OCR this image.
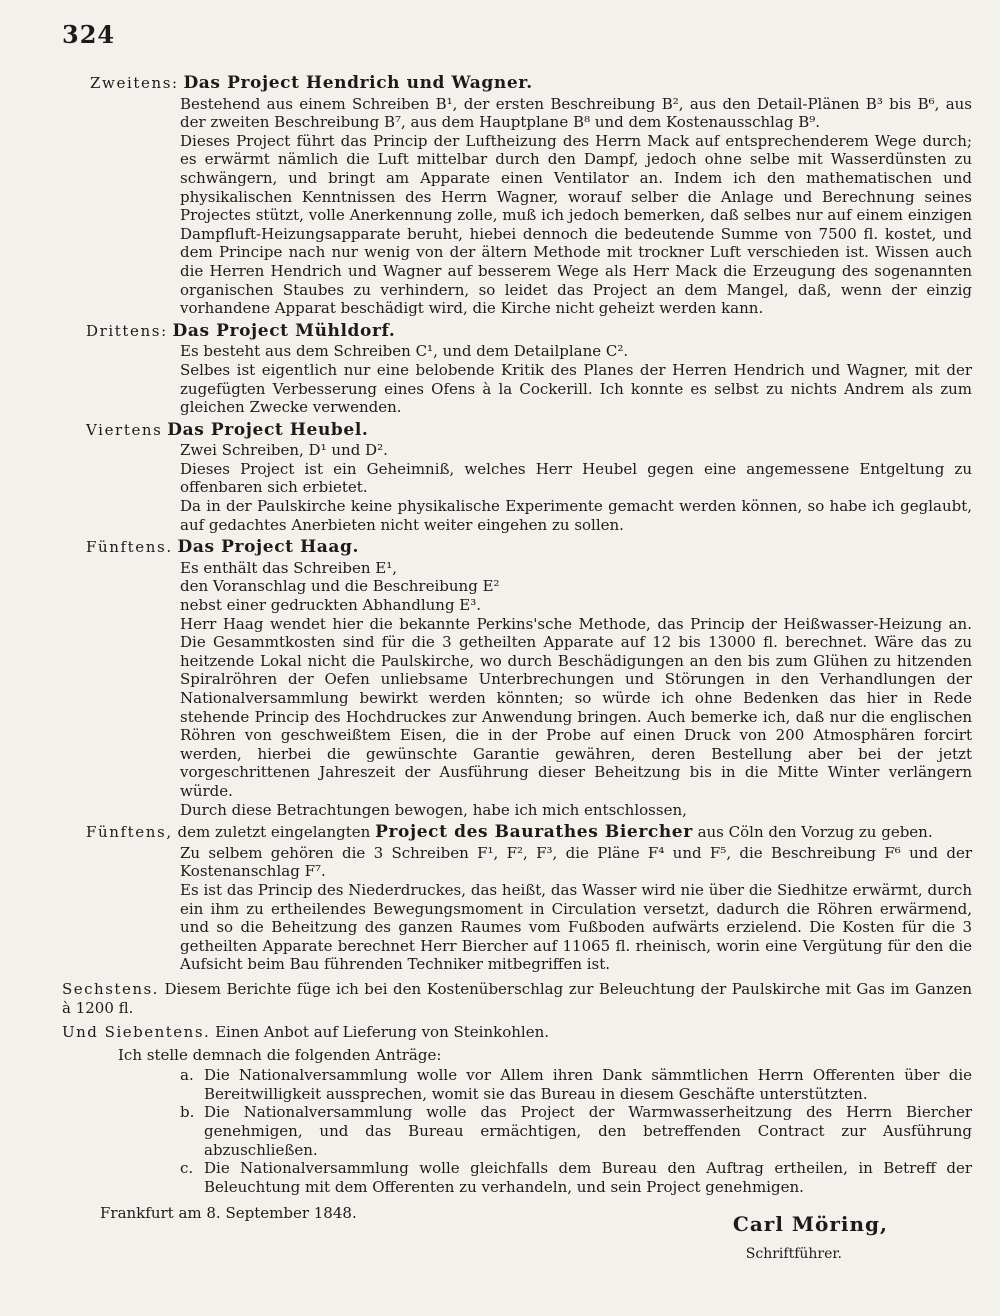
324

Zweitens: Das Project Hendrich und Wagner.

Bestehend aus einem Schreiben B¹, der ersten Beschreibung B², aus den Detail-Plänen B³ bis B⁶, aus der zweiten Beschreibung B⁷, aus dem Hauptplane B⁸ und dem Kostenausschlag B⁹.

Dieses Project führt das Princip der Luftheizung des Herrn Mack auf entsprechenderem Wege durch; es erwärmt nämlich die Luft mittelbar durch den Dampf, jedoch ohne selbe mit Wasserdünsten zu schwängern, und bringt am Apparate einen Ventilator an. Indem ich den mathematischen und physikalischen Kenntnissen des Herrn Wagner, worauf selber die Anlage und Berechnung seines Projectes stützt, volle Anerkennung zolle, muß ich jedoch bemerken, daß selbes nur auf einem einzigen Dampfluft-Heizungsapparate beruht, hiebei dennoch die bedeutende Summe von 7500 fl. kostet, und dem Principe nach nur wenig von der ältern Methode mit trockner Luft verschieden ist. Wissen auch die Herren Hendrich und Wagner auf besserem Wege als Herr Mack die Erzeugung des sogenannten organischen Staubes zu verhindern, so leidet das Project an dem Mangel, daß, wenn der einzig vorhandene Apparat beschädigt wird, die Kirche nicht geheizt werden kann.

Drittens: Das Project Mühldorf.

Es besteht aus dem Schreiben C¹, und dem Detailplane C².

Selbes ist eigentlich nur eine belobende Kritik des Planes der Herren Hendrich und Wagner, mit der zugefügten Verbesserung eines Ofens à la Cockerill. Ich konnte es selbst zu nichts Andrem als zum gleichen Zwecke verwenden.

Viertens Das Project Heubel.

Zwei Schreiben, D¹ und D².

Dieses Project ist ein Geheimniß, welches Herr Heubel gegen eine angemessene Entgeltung zu offenbaren sich erbietet.

Da in der Paulskirche keine physikalische Experimente gemacht werden können, so habe ich geglaubt, auf gedachtes Anerbieten nicht weiter eingehen zu sollen.

Fünftens. Das Project Haag.

Es enthält das Schreiben E¹,

den Voranschlag und die Beschreibung E²

nebst einer gedruckten Abhandlung E³.

Herr Haag wendet hier die bekannte Perkins'sche Methode, das Princip der Heißwasser-Heizung an. Die Gesammtkosten sind für die 3 getheilten Apparate auf 12 bis 13000 fl. berechnet. Wäre das zu heitzende Lokal nicht die Paulskirche, wo durch Beschädigungen an den bis zum Glühen zu hitzenden Spiralröhren der Oefen unliebsame Unterbrechungen und Störungen in den Verhandlungen der Nationalversammlung bewirkt werden könnten; so würde ich ohne Bedenken das hier in Rede stehende Princip des Hochdruckes zur Anwendung bringen. Auch bemerke ich, daß nur die englischen Röhren von geschweißtem Eisen, die in der Probe auf einen Druck von 200 Atmosphären forcirt werden, hierbei die gewünschte Garantie gewähren, deren Bestellung aber bei der jetzt vorgeschrittenen Jahreszeit der Ausführung dieser Beheitzung bis in die Mitte Winter verlängern würde.

Durch diese Betrachtungen bewogen, habe ich mich entschlossen,

Fünftens, dem zuletzt eingelangten Project des Baurathes Biercher aus Cöln den Vorzug zu geben.

Zu selbem gehören die 3 Schreiben F¹, F², F³, die Pläne F⁴ und F⁵, die Beschreibung F⁶ und der Kostenanschlag F⁷.

Es ist das Princip des Niederdruckes, das heißt, das Wasser wird nie über die Siedhitze erwärmt, durch ein ihm zu ertheilendes Bewegungsmoment in Circulation versetzt, dadurch die Röhren erwärmend, und so die Beheitzung des ganzen Raumes vom Fußboden aufwärts erzielend. Die Kosten für die 3 getheilten Apparate berechnet Herr Biercher auf 11065 fl. rheinisch, worin eine Vergütung für den die Aufsicht beim Bau führenden Techniker mitbegriffen ist.

Sechstens. Diesem Berichte füge ich bei den Kostenüberschlag zur Beleuchtung der Paulskirche mit Gas im Ganzen à 1200 fl.

Und Siebentens. Einen Anbot auf Lieferung von Steinkohlen.

Ich stelle demnach die folgenden Anträge:

a. Die Nationalversammlung wolle vor Allem ihren Dank sämmtlichen Herrn Offerenten über die Bereitwilligkeit aussprechen, womit sie das Bureau in diesem Geschäfte unterstützten.
b. Die Nationalversammlung wolle das Project der Warmwasserheitzung des Herrn Biercher genehmigen, und das Bureau ermächtigen, den betreffenden Contract zur Ausführung abzuschließen.
c. Die Nationalversammlung wolle gleichfalls dem Bureau den Auftrag ertheilen, in Betreff der Beleuchtung mit dem Offerenten zu verhandeln, und sein Project genehmigen.

Frankfurt am 8. September 1848.	Carl Möring,
Schriftführer.
